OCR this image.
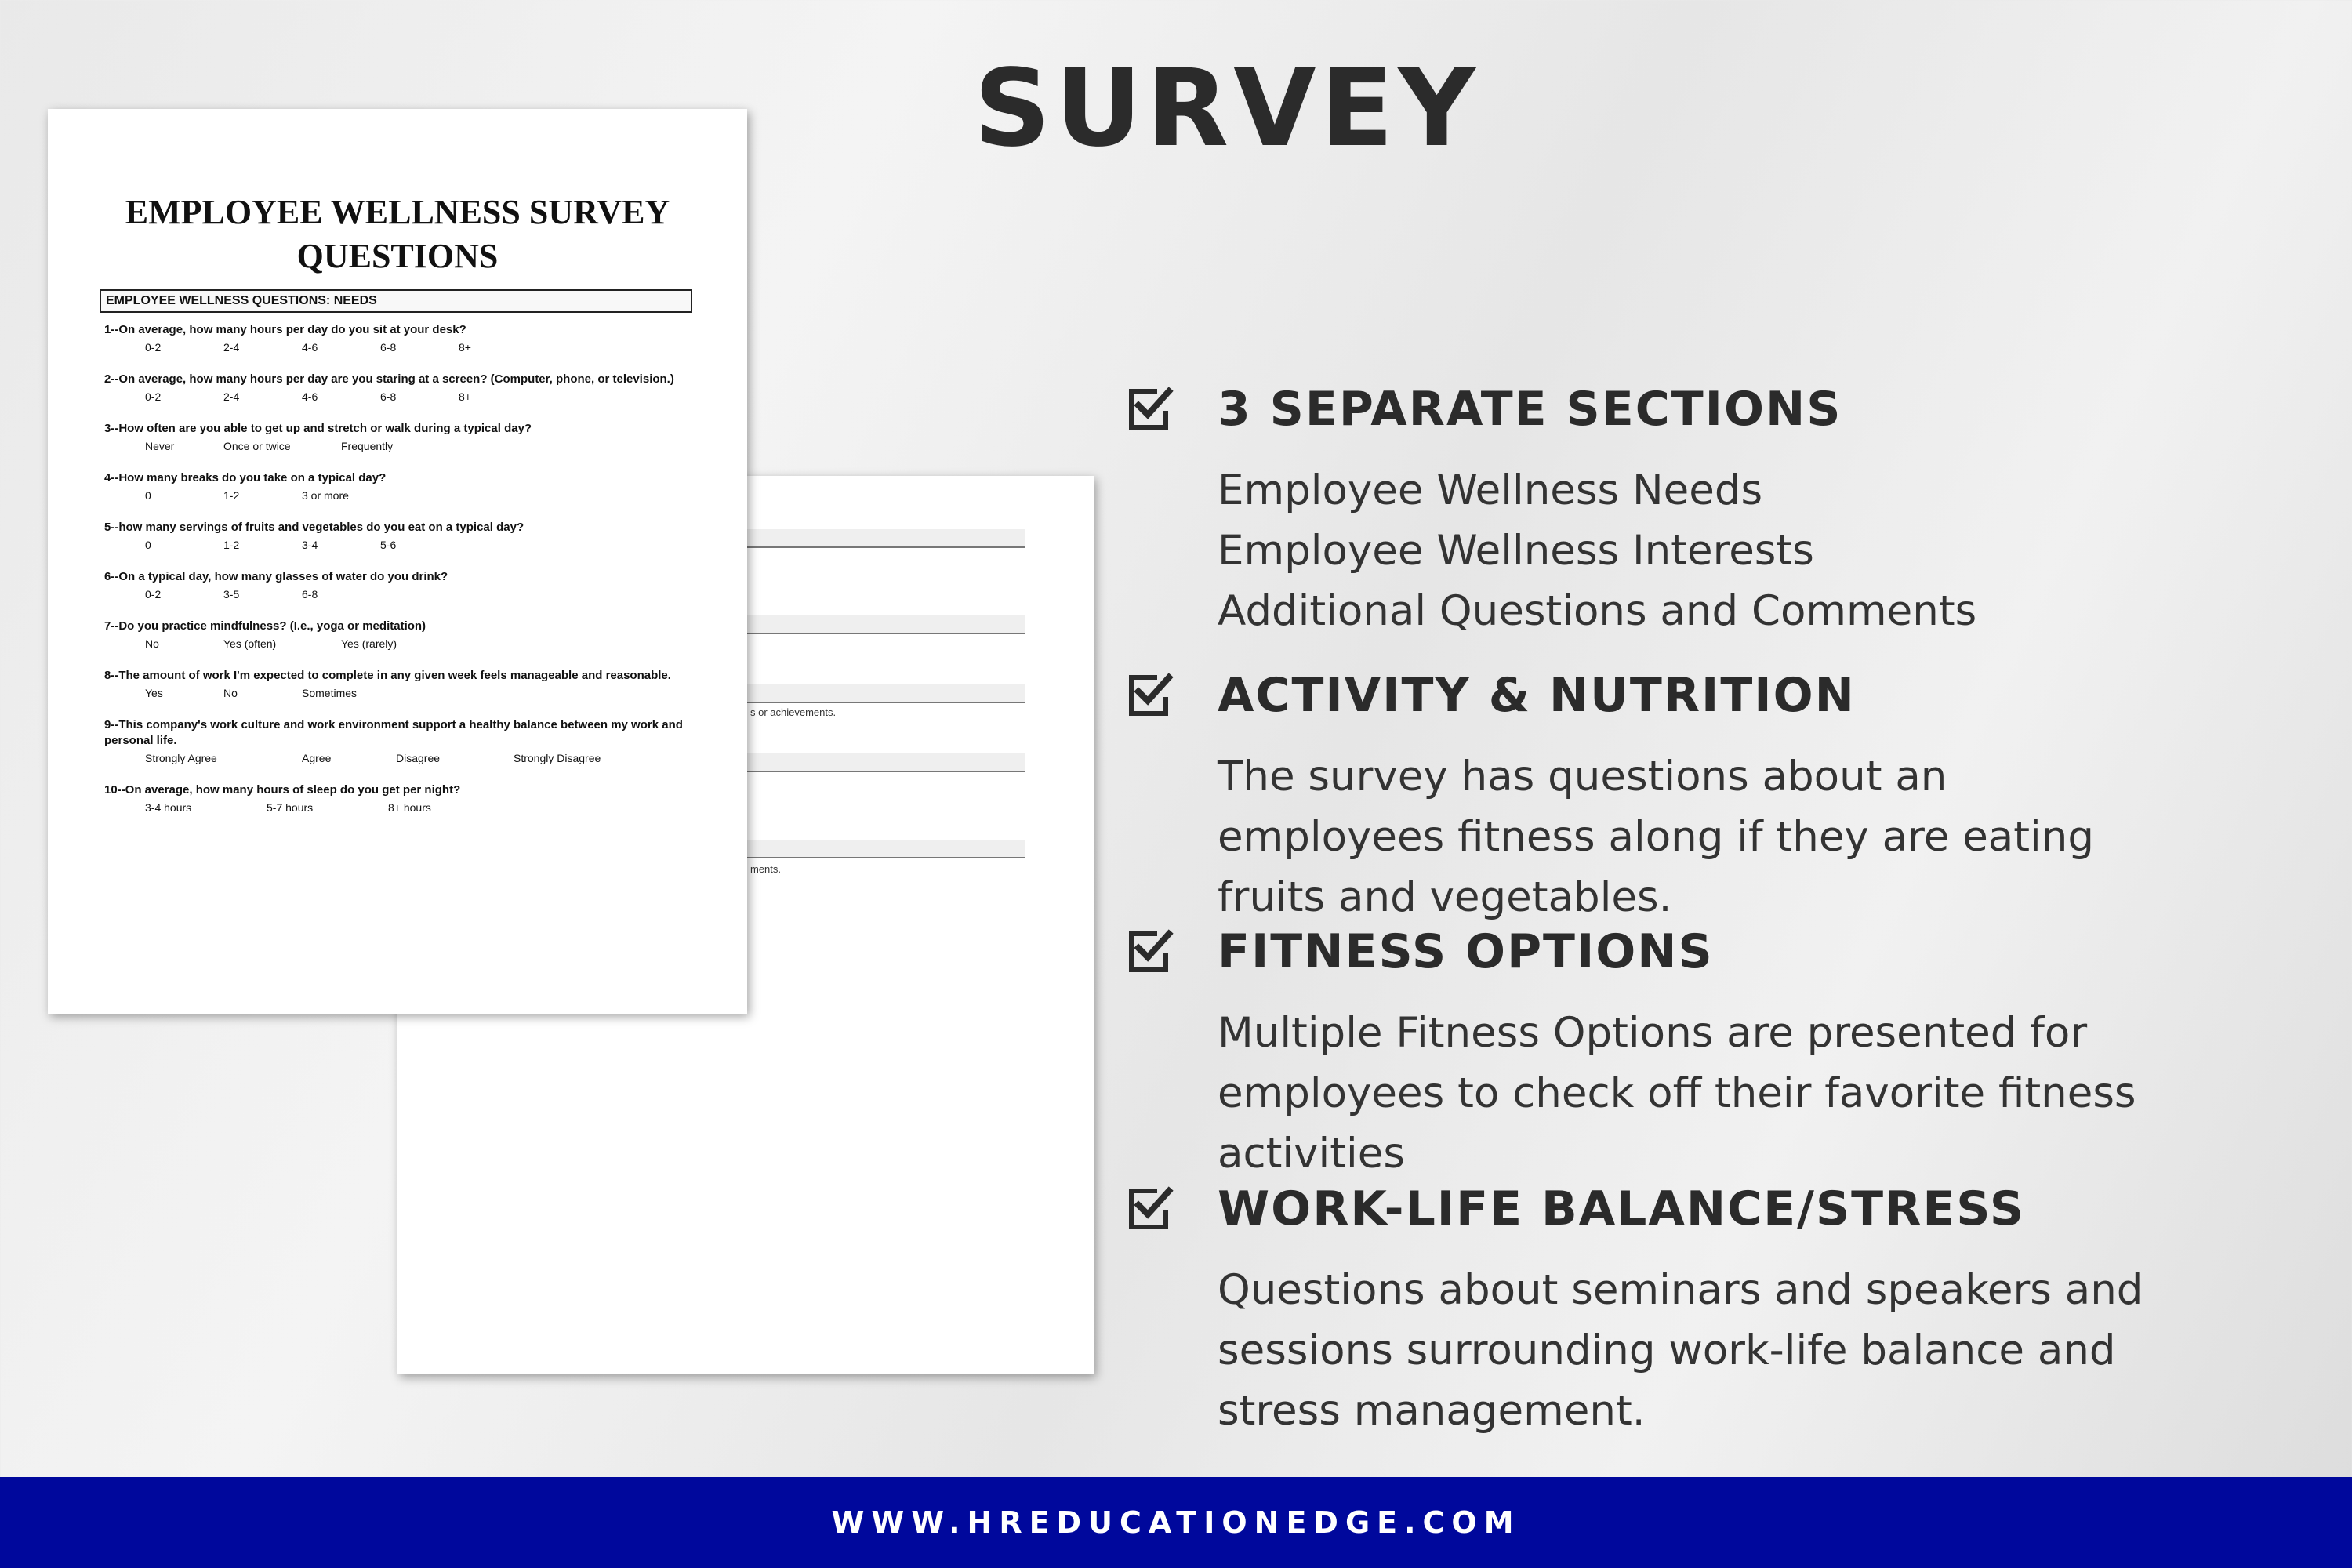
SURVEY
s or achievements.
ments.
EMPLOYEE WELLNESS SURVEY
QUESTIONS
EMPLOYEE WELLNESS QUESTIONS: NEEDS
1--On average, how many hours per day do you sit at your desk?
0-2	2-4	4-6	6-8	8+
2--On average, how many hours per day are you staring at a screen? (Computer, phone, or television.)
0-2	2-4	4-6	6-8	8+
3--How often are you able to get up and stretch or walk during a typical day?
Never	Once or twice	Frequently
4--How many breaks do you take on a typical day?
0	1-2	3 or more
5--how many servings of fruits and vegetables do you eat on a typical day?
0	1-2	3-4	5-6
6--On a typical day, how many glasses of water do you drink?
0-2	3-5	6-8
7--Do you practice mindfulness? (I.e., yoga or meditation)
No	Yes (often)	Yes (rarely)
8--The amount of work I'm expected to complete in any given week feels manageable and reasonable.
Yes	No	Sometimes
9--This company's work culture and work environment support a healthy balance between my work and personal life.
Strongly Agree	Agree	Disagree	Strongly Disagree
10--On average, how many hours of sleep do you get per night?
3-4 hours	5-7 hours	8+ hours
3 SEPARATE SECTIONS
Employee Wellness Needs
Employee Wellness Interests
Additional Questions and Comments
ACTIVITY & NUTRITION
The survey has questions about an
employees fitness along if they are eating
fruits and vegetables.
FITNESS OPTIONS
Multiple Fitness Options are presented for
employees to check off their favorite fitness
activities
WORK-LIFE BALANCE/STRESS
Questions about seminars and speakers and
sessions surrounding work-life balance and
stress management.
WWW.HREDUCATIONEDGE.COM
